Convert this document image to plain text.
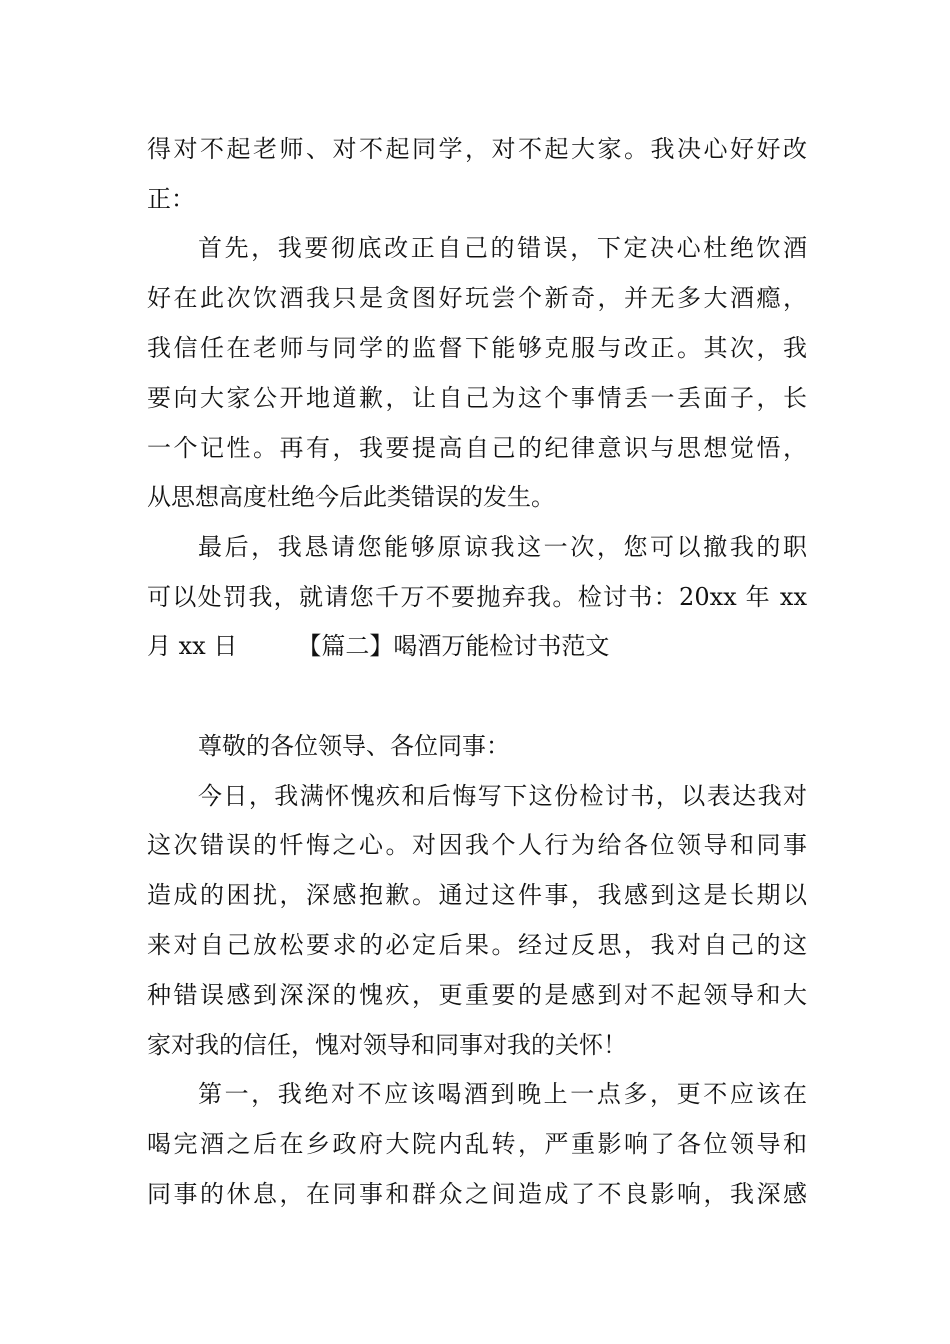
得对不起老师、对不起同学，对不起大家。我决心好好改
正：
首先，我要彻底改正自己的错误，下定决心杜绝饮酒
好在此次饮酒我只是贪图好玩尝个新奇，并无多大酒瘾，
我信任在老师与同学的监督下能够克服与改正。其次，我
要向大家公开地道歉，让自己为这个事情丢一丢面子，长
一个记性。再有，我要提高自己的纪律意识与思想觉悟，
从思想高度杜绝今后此类错误的发生。
最后，我恳请您能够原谅我这一次，您可以撤我的职
可以处罚我，就请您千万不要抛弃我。检讨书：20xx 年 xx
月 xx 日　　　【篇二】喝酒万能检讨书范文
尊敬的各位领导、各位同事：
今日，我满怀愧疚和后悔写下这份检讨书，以表达我对
这次错误的忏悔之心。对因我个人行为给各位领导和同事
造成的困扰，深感抱歉。通过这件事，我感到这是长期以
来对自己放松要求的必定后果。经过反思，我对自己的这
种错误感到深深的愧疚，更重要的是感到对不起领导和大
家对我的信任，愧对领导和同事对我的关怀！
第一，我绝对不应该喝酒到晚上一点多，更不应该在
喝完酒之后在乡政府大院内乱转，严重影响了各位领导和
同事的休息，在同事和群众之间造成了不良影响，我深感
